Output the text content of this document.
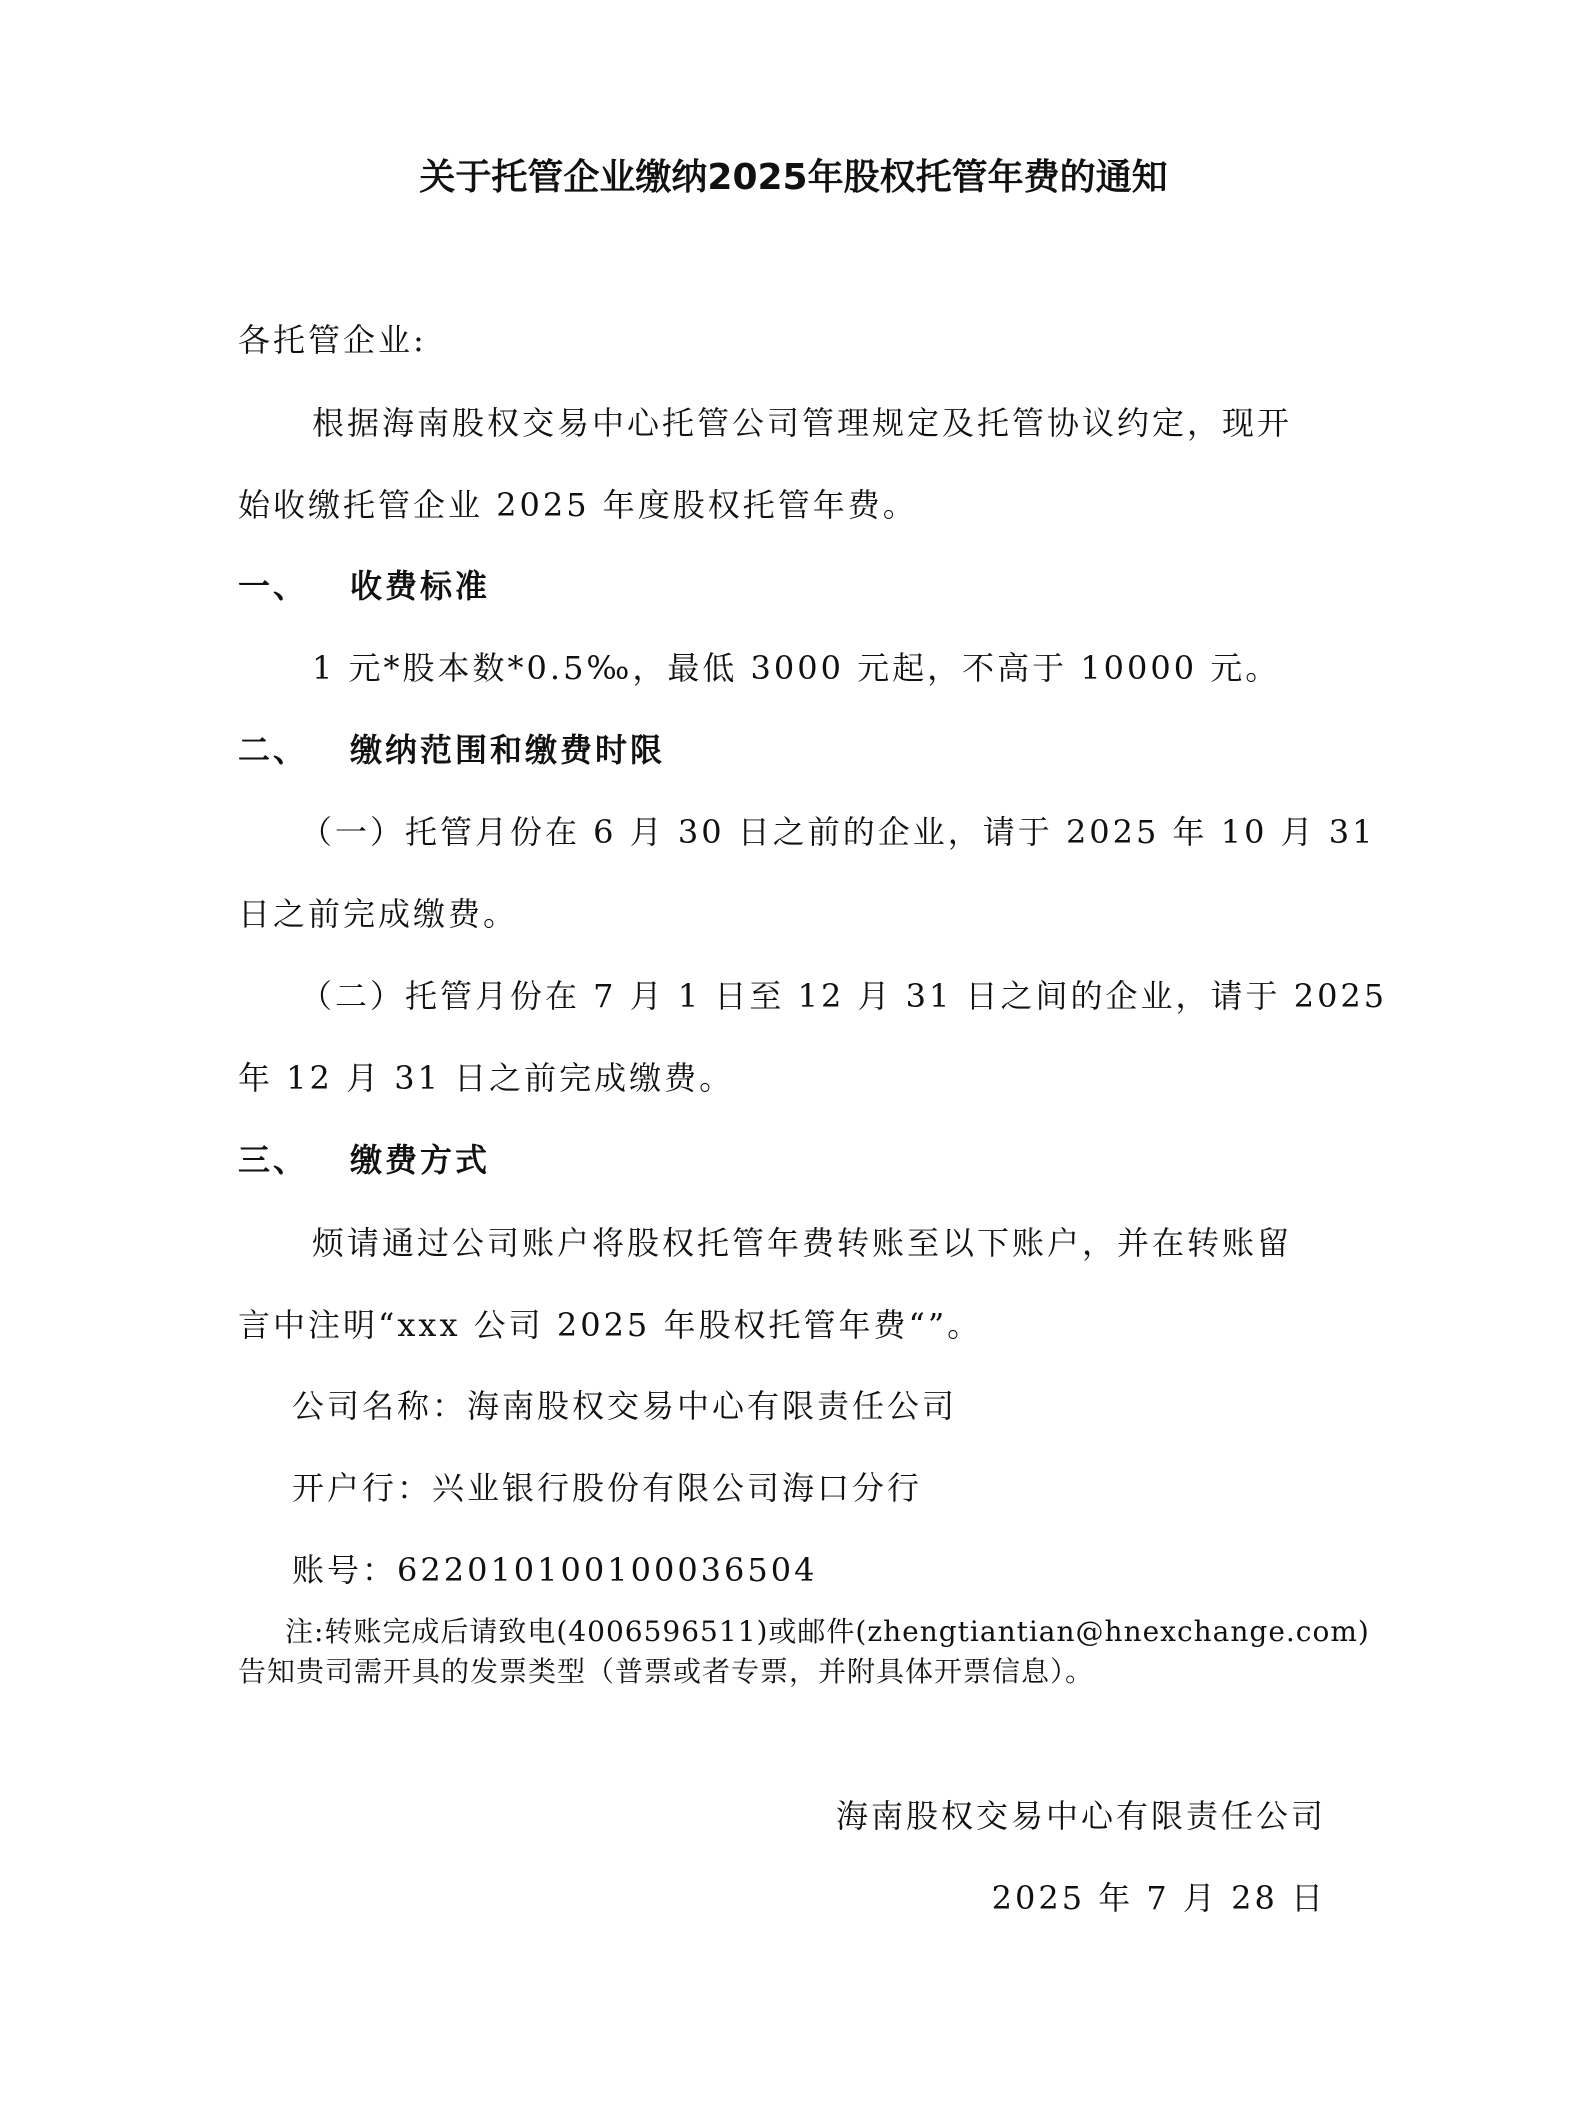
关于托管企业缴纳2025年股权托管年费的通知
各托管企业:
根据海南股权交易中心托管公司管理规定及托管协议约定，现开
始收缴托管企业 2025 年度股权托管年费。
一、 收费标准
1 元*股本数*0.5‰，最低 3000 元起，不高于 10000 元。
二、 缴纳范围和缴费时限
（一）托管月份在 6 月 30 日之前的企业，请于 2025 年 10 月 31
日之前完成缴费。
（二）托管月份在 7 月 1 日至 12 月 31 日之间的企业，请于 2025
年 12 月 31 日之前完成缴费。
三、 缴费方式
烦请通过公司账户将股权托管年费转账至以下账户，并在转账留
言中注明“xxx 公司 2025 年股权托管年费“”。
公司名称：海南股权交易中心有限责任公司
开户行：兴业银行股份有限公司海口分行
账号：622010100100036504
注:转账完成后请致电(4006596511)或邮件(zhengtiantian@hnexchange.com)
告知贵司需开具的发票类型（普票或者专票，并附具体开票信息）。
海南股权交易中心有限责任公司
2025 年 7 月 28 日
